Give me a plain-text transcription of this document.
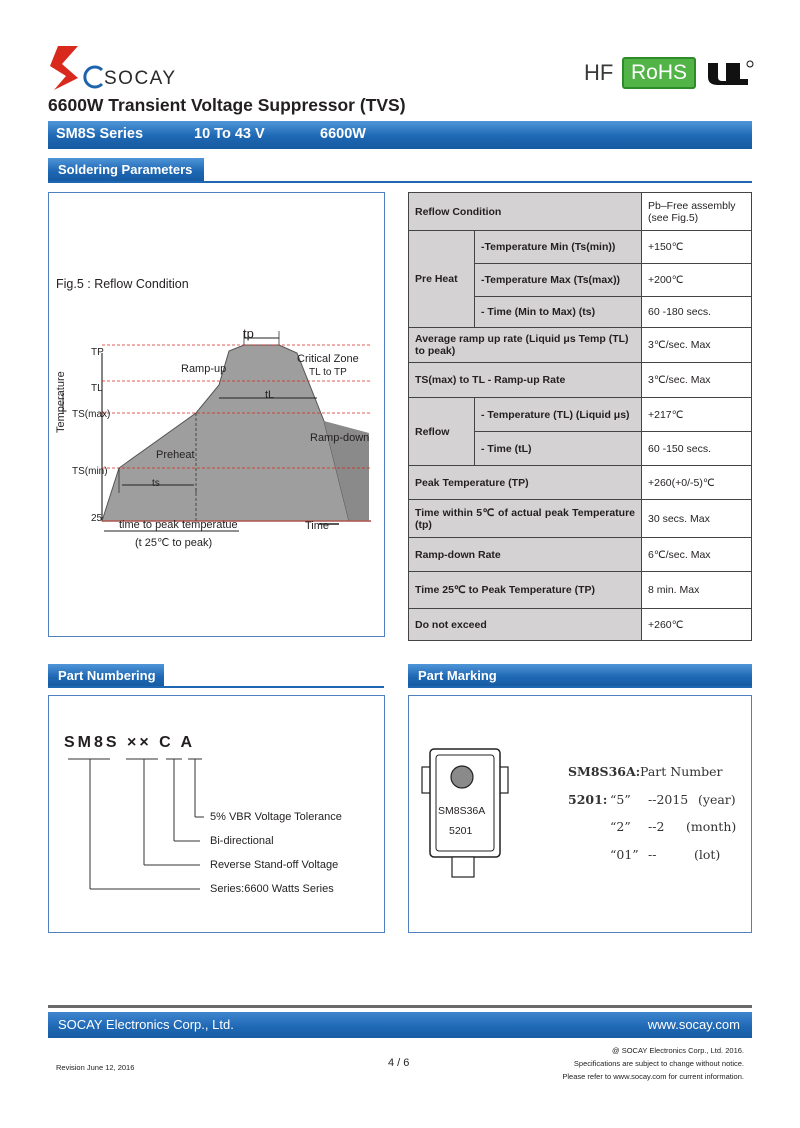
SOCAY	HF RoHS
6600W Transient Voltage Suppressor (TVS)
SM8S Series	10 To 43 V	6600W
Soldering Parameters
Fig.5 : Reflow Condition
tp
TP
TL
TS(max)
TS(min)
25
Ramp-up
Critical Zone
TL to TP
tL
Ramp-down
Preheat
ts
Temperature
Time
time to peak temperatue
(t 25℃ to peak)
Reflow Condition		Pb–Free assembly (see Fig.5)
Pre Heat	-Temperature Min (Ts(min))	+150℃
	-Temperature Max (Ts(max))	+200℃
	- Time (Min to Max) (ts)	60 -180 secs.
Average ramp up rate (Liquid μs Temp (TL) to peak)		3℃/sec. Max
TS(max) to TL - Ramp-up Rate		3℃/sec. Max
Reflow	- Temperature (TL) (Liquid μs)	+217℃
	- Time (tL)	60 -150 secs.
Peak Temperature (TP)		+260(+0/-5)℃
Time within 5℃ of actual peak Temperature (tp)		30 secs. Max
Ramp-down Rate		6℃/sec. Max
Time 25℃ to Peak Temperature (TP)		8 min. Max
Do not exceed		+260℃
Part Numbering
SM8S ×× C A
5% VBR Voltage Tolerance
Bi-directional
Reverse Stand-off Voltage
Series:6600 Watts Series
Part Marking
SM8S36A
5201
SM8S36A: Part Number
5201: “5” --2015 (year)
“2” --2 (month)
“01” --	(lot)
SOCAY Electronics Corp., Ltd.	www.socay.com
Revision June 12, 2016	4 / 6
@ SOCAY Electronics Corp., Ltd. 2016.
Specifications are subject to change without notice.
Please refer to www.socay.com for current information.
